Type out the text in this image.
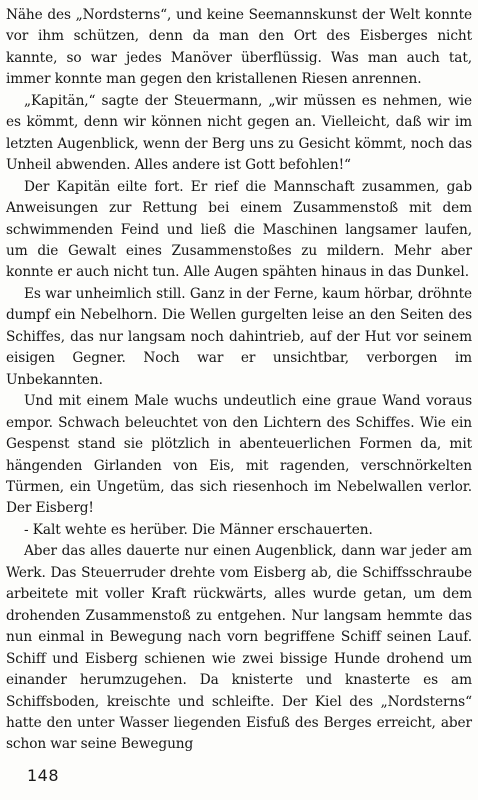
Nähe des „Nordsterns“, und keine Seemannskunst der Welt konnte vor ihm schützen, denn da man den Ort des Eisberges nicht kannte, so war jedes Manöver überflüssig. Was man auch tat, immer konnte man gegen den kristallenen Riesen anrennen.

„Kapitän,“ sagte der Steuermann, „wir müssen es nehmen, wie es kömmt, denn wir können nicht gegen an. Vielleicht, daß wir im letzten Augenblick, wenn der Berg uns zu Gesicht kömmt, noch das Unheil abwenden. Alles andere ist Gott befohlen!“

Der Kapitän eilte fort. Er rief die Mannschaft zusammen, gab Anweisungen zur Rettung bei einem Zusammenstoß mit dem schwimmenden Feind und ließ die Maschinen langsamer laufen, um die Gewalt eines Zusammenstoßes zu mildern. Mehr aber konnte er auch nicht tun. Alle Augen spähten hinaus in das Dunkel.

Es war unheimlich still. Ganz in der Ferne, kaum hörbar, dröhnte dumpf ein Nebelhorn. Die Wellen gurgelten leise an den Seiten des Schiffes, das nur langsam noch dahintrieb, auf der Hut vor seinem eisigen Gegner. Noch war er unsichtbar, verborgen im Unbekannten.

Und mit einem Male wuchs undeutlich eine graue Wand voraus empor. Schwach beleuchtet von den Lichtern des Schiffes. Wie ein Gespenst stand sie plötzlich in abenteuerlichen Formen da, mit hängenden Girlanden von Eis, mit ragenden, verschnörkelten Türmen, ein Ungetüm, das sich riesenhoch im Nebelwallen verlor. Der Eisberg!

- Kalt wehte es herüber. Die Männer erschauerten.

Aber das alles dauerte nur einen Augenblick, dann war jeder am Werk. Das Steuerruder drehte vom Eisberg ab, die Schiffsschraube arbeitete mit voller Kraft rückwärts, alles wurde getan, um dem drohenden Zusammenstoß zu entgehen. Nur langsam hemmte das nun einmal in Bewegung nach vorn begriffene Schiff seinen Lauf. Schiff und Eisberg schienen wie zwei bissige Hunde drohend um einander herumzugehen. Da knisterte und knasterte es am Schiffsboden, kreischte und schleifte. Der Kiel des „Nordsterns“ hatte den unter Wasser liegenden Eisfuß des Berges erreicht, aber schon war seine Bewegung

148
